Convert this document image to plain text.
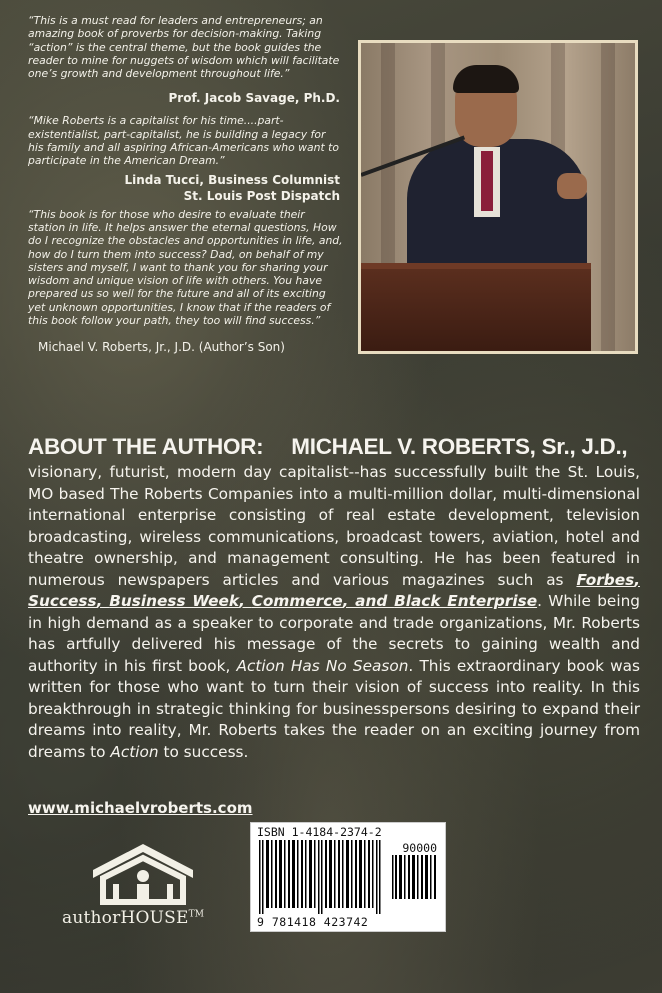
“This is a must read for leaders and entrepreneurs; an amazing book of proverbs for decision-making. Taking “action” is the central theme, but the book guides the reader to mine for nuggets of wisdom which will facilitate one’s growth and development throughout life.”

Prof. Jacob Savage, Ph.D.

“Mike Roberts is a capitalist for his time....part-existentialist, part-capitalist, he is building a legacy for his family and all aspiring African-Americans who want to participate in the American Dream.”

Linda Tucci, Business Columnist
St. Louis Post Dispatch

“This book is for those who desire to evaluate their station in life. It helps answer the eternal questions, How do I recognize the obstacles and opportunities in life, and, how do I turn them into success? Dad, on behalf of my sisters and myself, I want to thank you for sharing your wisdom and unique vision of life with others. You have prepared us so well for the future and all of its exciting yet unknown opportunities, I know that if the readers of this book follow your path, they too will find success.”

Michael V. Roberts, Jr., J.D. (Author’s Son)
ABOUT THE AUTHOR: MICHAEL V. ROBERTS, Sr., J.D.,

visionary, futurist, modern day capitalist--has successfully built the St. Louis, MO based The Roberts Companies into a multi-million dollar, multi-dimensional international enterprise consisting of real estate development, television broadcasting, wireless communications, broadcast towers, aviation, hotel and theatre ownership, and management consulting. He has been featured in numerous newspapers articles and various magazines such as Forbes, Success, Business Week, Commerce, and Black Enterprise. While being in high demand as a speaker to corporate and trade organizations, Mr. Roberts has artfully delivered his message of the secrets to gaining wealth and authority in his first book, Action Has No Season. This extraordinary book was written for those who want to turn their vision of success into reality. In this breakthrough in strategic thinking for businesspersons desiring to expand their dreams into reality, Mr. Roberts takes the reader on an exciting journey from dreams to Action to success.

www.michaelvroberts.com
authorHOUSE™
ISBN 1-4184-2374-2
90000
9 781418 423742
